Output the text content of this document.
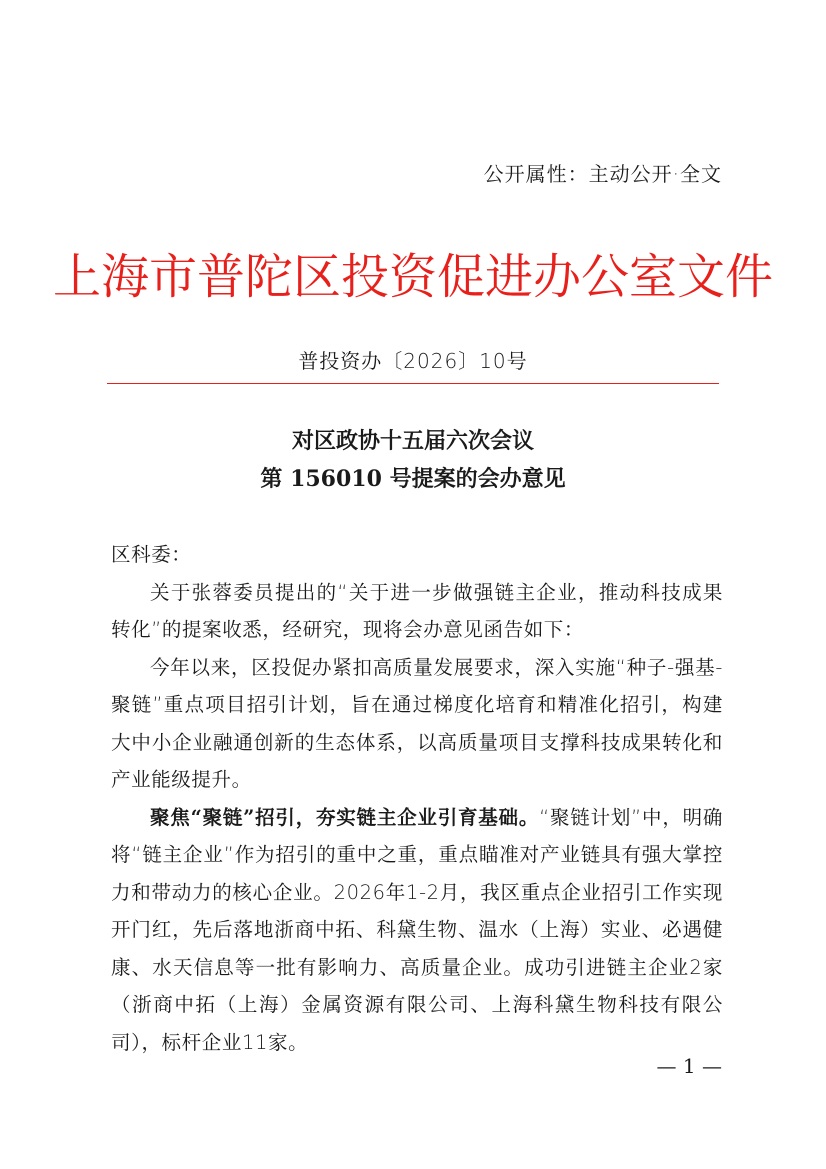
公开属性：主动公开·全文
上海市普陀区投资促进办公室文件
普投资办〔2026〕10号
对区政协十五届六次会议
第 156010 号提案的会办意见

区科委：

关于张蓉委员提出的“关于进一步做强链主企业，推动科技成果转化”的提案收悉，经研究，现将会办意见函告如下：

今年以来，区投促办紧扣高质量发展要求，深入实施“种子-强基-聚链”重点项目招引计划，旨在通过梯度化培育和精准化招引，构建大中小企业融通创新的生态体系，以高质量项目支撑科技成果转化和产业能级提升。

聚焦“聚链”招引，夯实链主企业引育基础。“聚链计划”中，明确将“链主企业”作为招引的重中之重，重点瞄准对产业链具有强大掌控力和带动力的核心企业。2026年1-2月，我区重点企业招引工作实现开门红，先后落地浙商中拓、科黛生物、温水（上海）实业、必遇健康、水天信息等一批有影响力、高质量企业。成功引进链主企业2家（浙商中拓（上海）金属资源有限公司、上海科黛生物科技有限公司），标杆企业11家。

— 1 —
